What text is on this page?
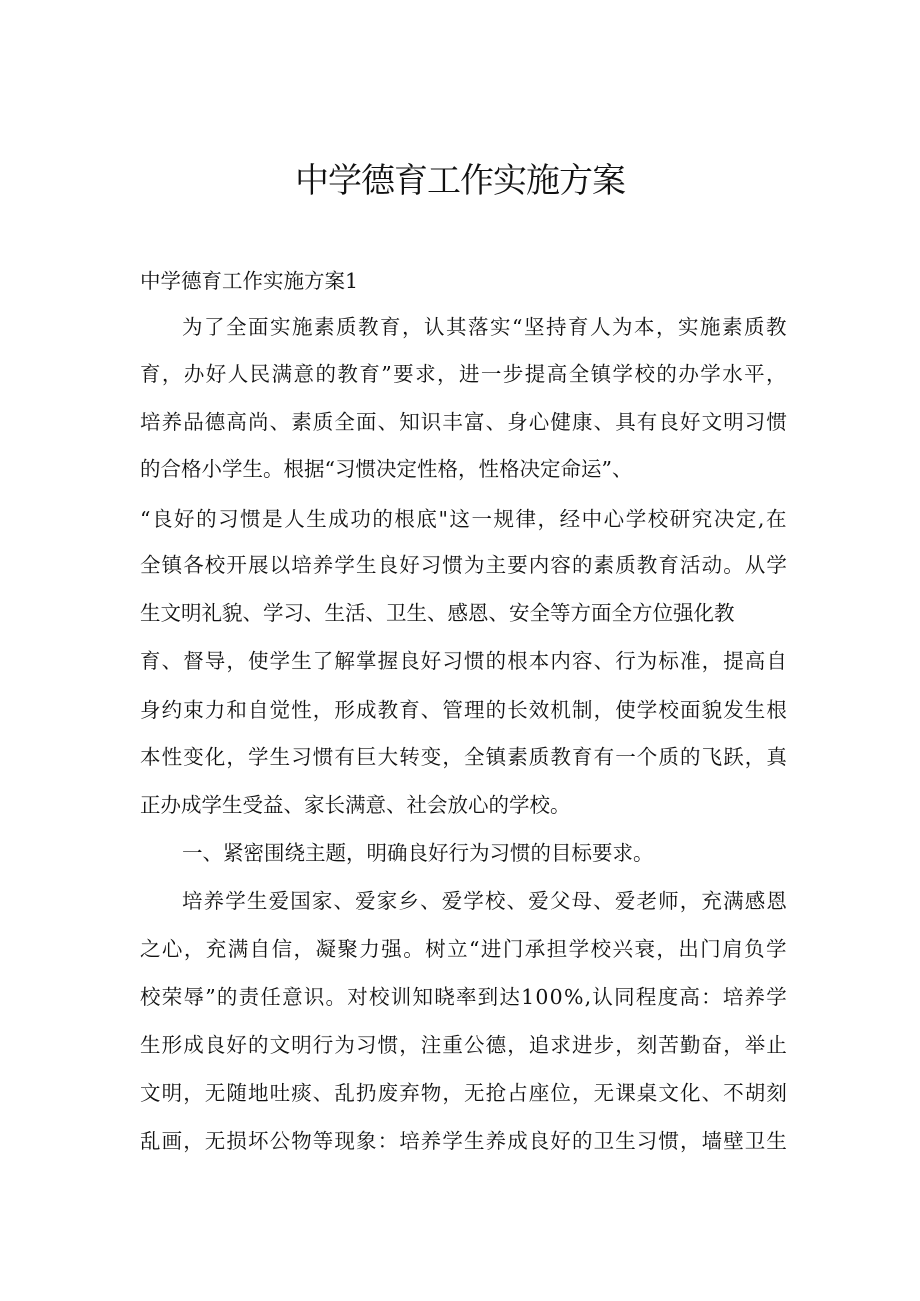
中学德育工作实施方案

中学德育工作实施方案1

为了全面实施素质教育，认其落实“坚持育人为本，实施素质教

育，办好人民满意的教育”要求，进一步提高全镇学校的办学水平，

培养品德高尚、素质全面、知识丰富、身心健康、具有良好文明习惯

的合格小学生。根据“习惯决定性格，性格决定命运”、

“良好的习惯是人生成功的根底"这一规律，经中心学校研究决定,在

全镇各校开展以培养学生良好习惯为主要内容的素质教育活动。从学

生文明礼貌、学习、生活、卫生、感恩、安全等方面全方位强化教

育、督导，使学生了解掌握良好习惯的根本内容、行为标准，提高自

身约束力和自觉性，形成教育、管理的长效机制，使学校面貌发生根

本性变化，学生习惯有巨大转变，全镇素质教育有一个质的飞跃，真

正办成学生受益、家长满意、社会放心的学校。

一、紧密围绕主题，明确良好行为习惯的目标要求。

培养学生爱国家、爱家乡、爱学校、爱父母、爱老师，充满感恩

之心，充满自信，凝聚力强。树立“进门承担学校兴衰，出门肩负学

校荣辱”的责任意识。对校训知晓率到达100%,认同程度高：培养学

生形成良好的文明行为习惯，注重公德，追求进步，刻苦勤奋，举止

文明，无随地吐痰、乱扔废弃物，无抢占座位，无课桌文化、不胡刻

乱画，无损坏公物等现象：培养学生养成良好的卫生习惯，墙壁卫生
